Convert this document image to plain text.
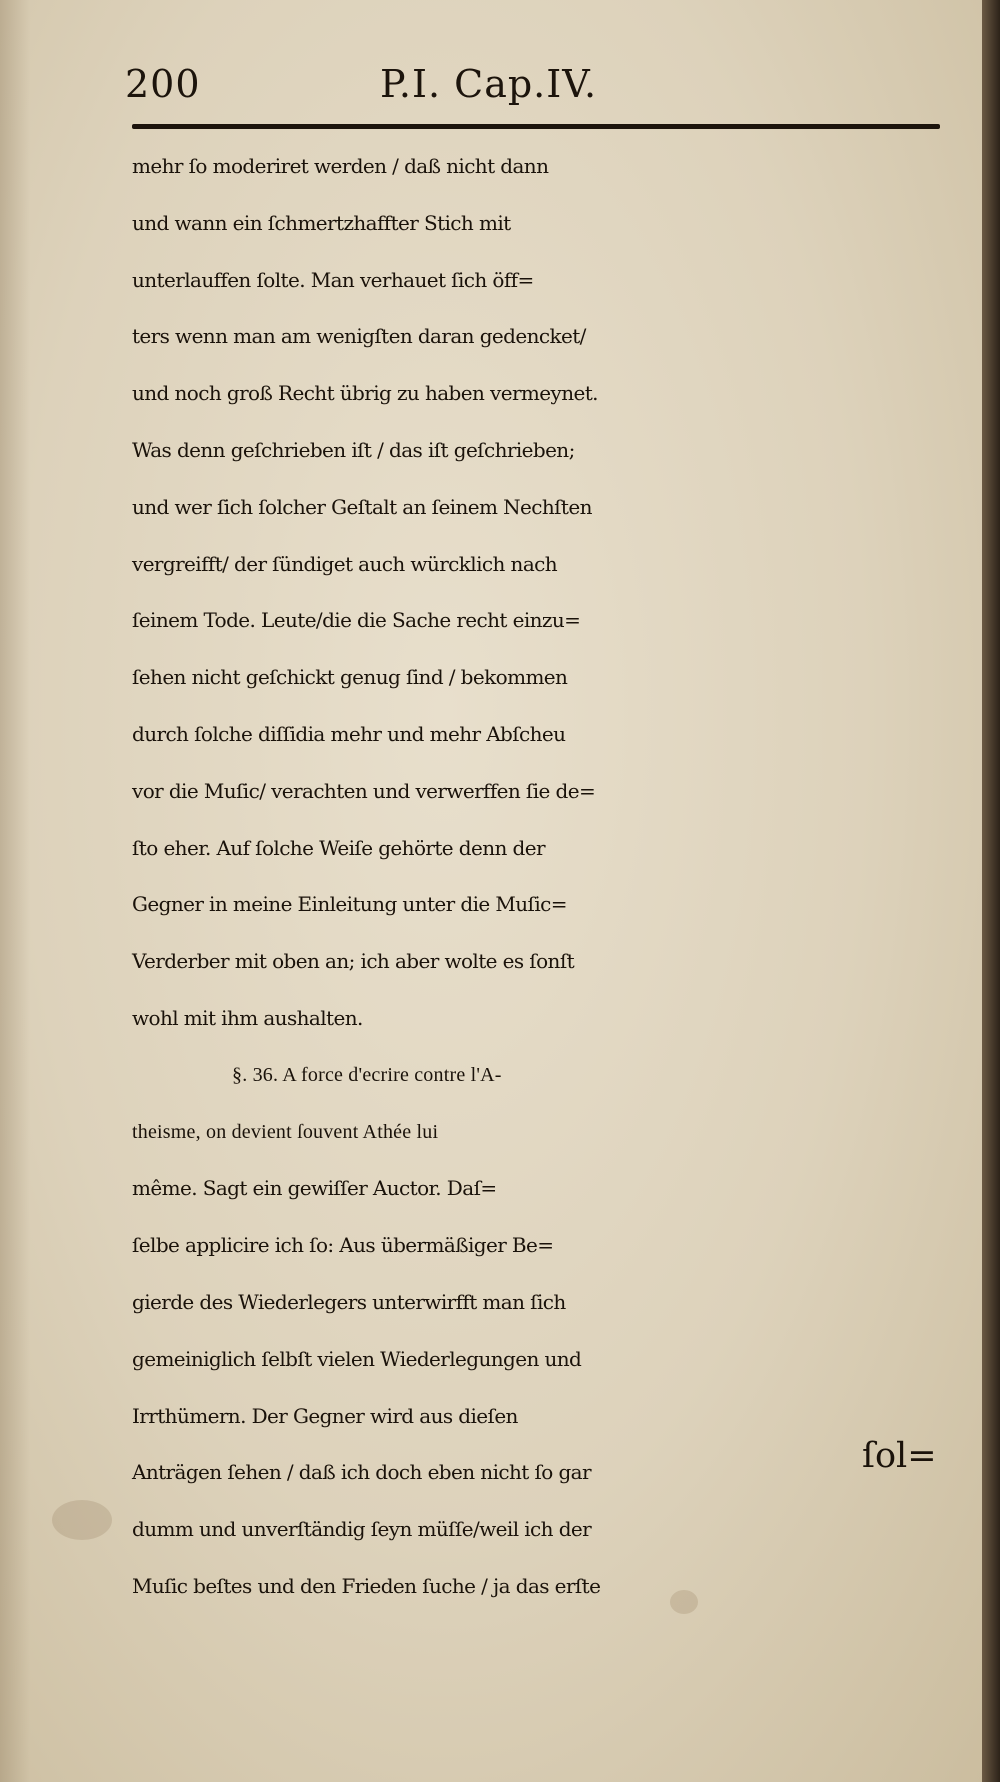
200	P.I. Cap.IV.
mehr ſo moderiret werden / daß nicht dann
und wann ein ſchmertzhaffter Stich mit
unterlauffen ſolte. Man verhauet ſich öff=
ters wenn man am wenigſten daran gedencket/
und noch groß Recht übrig zu haben vermeynet.
Was denn geſchrieben iſt / das iſt geſchrieben;
und wer ſich ſolcher Geſtalt an ſeinem Nechſten
vergreifft/ der ſündiget auch würcklich nach
ſeinem Tode. Leute/die die Sache recht einzu=
ſehen nicht geſchickt genug ſind / bekommen
durch ſolche diſſidia mehr und mehr Abſcheu
vor die Muſic/ verachten und verwerffen ſie de=
ſto eher. Auf ſolche Weiſe gehörte denn der
Gegner in meine Einleitung unter die Muſic=
Verderber mit oben an; ich aber wolte es ſonſt
wohl mit ihm aushalten.
§. 36. A force d'ecrire contre l'A-
theisme, on devient ſouvent Athée lui
même. Sagt ein gewiſſer Auctor. Daſ=
ſelbe applicire ich ſo: Aus übermäßiger Be=
gierde des Wiederlegers unterwirfft man ſich
gemeiniglich ſelbſt vielen Wiederlegungen und
Irrthümern. Der Gegner wird aus dieſen
Anträgen ſehen / daß ich doch eben nicht ſo gar
dumm und unverſtändig ſeyn müſſe/weil ich der
Muſic beſtes und den Frieden ſuche / ja das erſte
ſol=
